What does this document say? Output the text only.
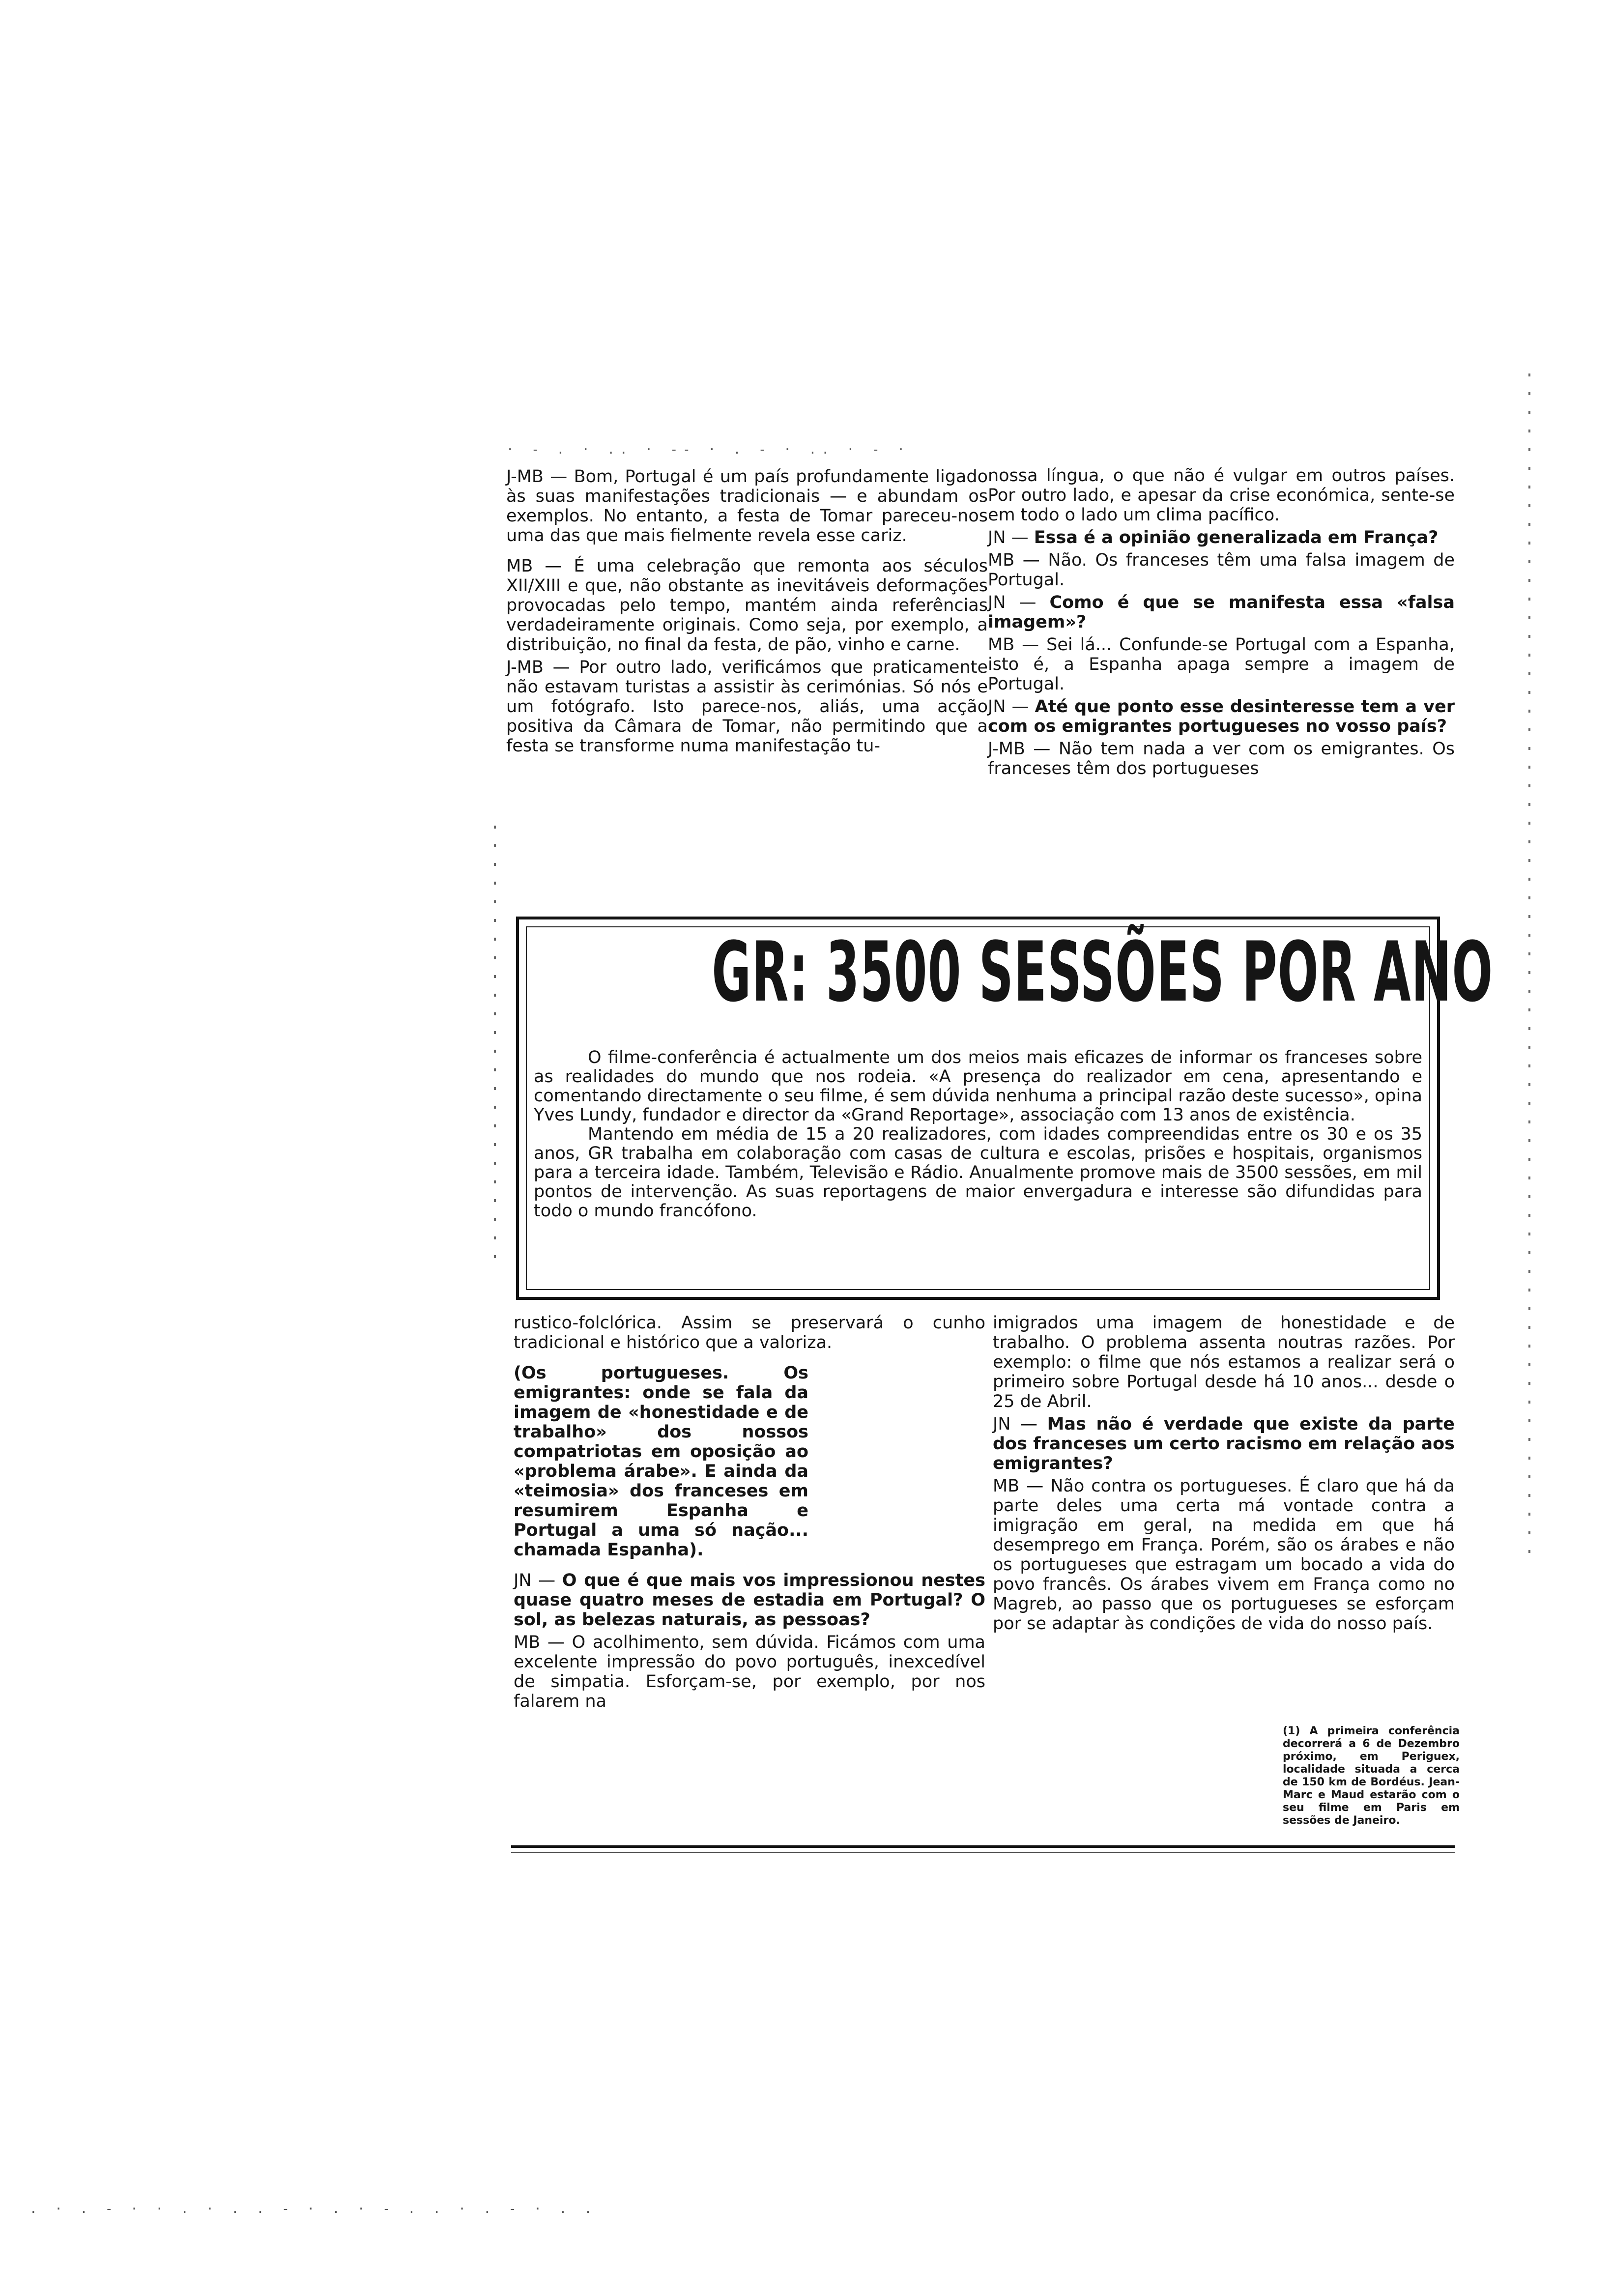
· ‐ . · .. · ‐‐ · . ‐ · .. · ‐ ·
. · . ‐ · · . · . . ‐ · . · ‐ . . · . ‐ · . .

J-MB — Bom, Portugal é um país profundamente ligado às suas manifestações tradicionais — e abundam os exemplos. No entanto, a festa de Tomar pareceu-nos uma das que mais fielmente revela esse cariz.

MB — É uma celebração que remonta aos séculos XII/XIII e que, não obstante as inevitáveis deformações provocadas pelo tempo, mantém ainda referências verdadeiramente originais. Como seja, por exemplo, a distribuição, no final da festa, de pão, vinho e carne.

J-MB — Por outro lado, verificámos que praticamente não estavam turistas a assistir às cerimónias. Só nós e um fotógrafo. Isto parece-nos, aliás, uma acção positiva da Câmara de Tomar, não permitindo que a festa se transforme numa manifestação tu-

nossa língua, o que não é vulgar em outros países. Por outro lado, e apesar da crise económica, sente-se em todo o lado um clima pacífico.

JN — Essa é a opinião generalizada em França?

MB — Não. Os franceses têm uma falsa imagem de Portugal.

JN — Como é que se manifesta essa «falsa imagem»?

MB — Sei lá... Confunde-se Portugal com a Espanha, isto é, a Espanha apaga sempre a imagem de Portugal.

JN — Até que ponto esse desinteresse tem a ver com os emigrantes portugueses no vosso país?

J-MB — Não tem nada a ver com os emigrantes. Os franceses têm dos portugueses

GR: 3500 SESSÕES POR ANO

O filme-conferência é actualmente um dos meios mais eficazes de informar os franceses sobre as realidades do mundo que nos rodeia. «A presença do realizador em cena, apresentando e comentando directamente o seu filme, é sem dúvida nenhuma a principal razão deste sucesso», opina Yves Lundy, fundador e director da «Grand Reportage», associação com 13 anos de existência.

Mantendo em média de 15 a 20 realizadores, com idades compreendidas entre os 30 e os 35 anos, GR trabalha em colaboração com casas de cultura e escolas, prisões e hospitais, organismos para a terceira idade. Também, Televisão e Rádio. Anualmente promove mais de 3500 sessões, em mil pontos de intervenção. As suas reportagens de maior envergadura e interesse são difundidas para todo o mundo francófono.

rustico-folclórica. Assim se preservará o cunho tradicional e histórico que a valoriza.

(Os portugueses. Os emigrantes: onde se fala da imagem de «honestidade e de trabalho» dos nossos compatriotas em oposição ao «problema árabe». E ainda da «teimosia» dos franceses em resumirem Espanha e Portugal a uma só nação... chamada Espanha).

JN — O que é que mais vos impressionou nestes quase quatro meses de estadia em Portugal? O sol, as belezas naturais, as pessoas?

MB — O acolhimento, sem dúvida. Ficámos com uma excelente impressão do povo português, inexcedível de simpatia. Esforçam-se, por exemplo, por nos falarem na

imigrados uma imagem de honestidade e de trabalho. O problema assenta noutras razões. Por exemplo: o filme que nós estamos a realizar será o primeiro sobre Portugal desde há 10 anos... desde o 25 de Abril.

JN — Mas não é verdade que existe da parte dos franceses um certo racismo em relação aos emigrantes?

MB — Não contra os portugueses. É claro que há da parte deles uma certa má vontade contra a imigração em geral, na medida em que há desemprego em França. Porém, são os árabes e não os portugueses que estragam um bocado a vida do povo francês. Os árabes vivem em França como no Magreb, ao passo que os portugueses se esforçam por se adaptar às condições de vida do nosso país.

(1) A primeira conferência decorrerá a 6 de Dezembro próximo, em Periguex, localidade situada a cerca de 150 km de Bordéus. Jean-Marc e Maud estarão com o seu filme em Paris em sessões de Janeiro.
